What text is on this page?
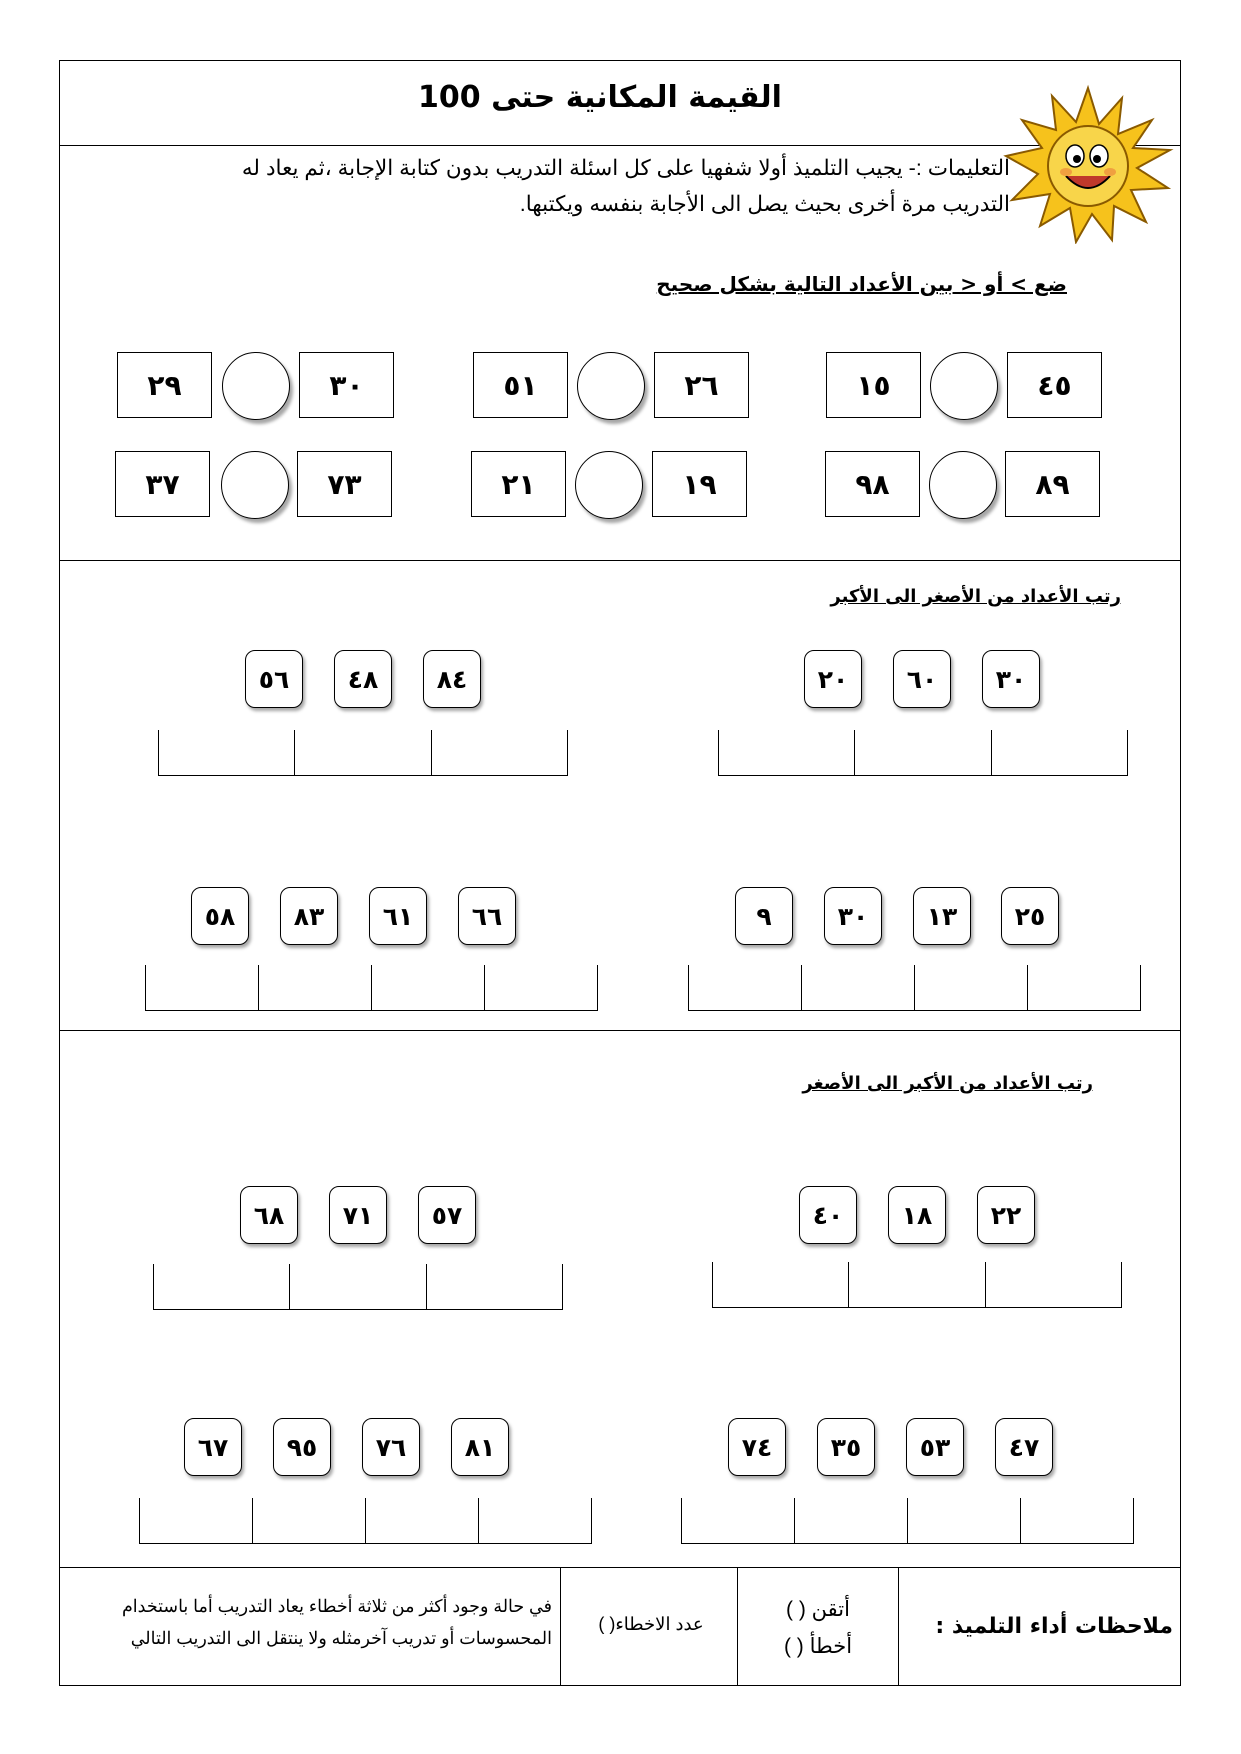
القيمة المكانية حتى 100
التعليمات :- يجيب التلميذ أولا شفهيا على كل اسئلة التدريب بدون كتابة الإجابة ،ثم يعاد له التدريب مرة أخرى بحيث يصل الى الأجابة بنفسه ويكتبها.
ضع > أو < بين الأعداد التالية بشكل صحيح
٢٩	٣٠	٥١	٢٦	١٥	٤٥
٣٧	٧٣	٢١	١٩	٩٨	٨٩
رتب الأعداد من الأصغر الى الأكبر
٥٦	٤٨	٨٤	٢٠	٦٠	٣٠
٥٨	٨٣	٦١	٦٦	٩	٣٠	١٣	٢٥
رتب الأعداد من الأكبر الى الأصغر
٦٨	٧١	٥٧	٤٠	١٨	٢٢
٦٧	٩٥	٧٦	٨١	٧٤	٣٥	٥٣	٤٧
ملاحظات أداء التلميذ :
أتقن ( )
أخطأ ( )
عدد الاخطاء( )
في حالة وجود أكثر من ثلاثة أخطاء يعاد التدريب أما باستخدام
المحسوسات أو تدريب آخرمثله ولا ينتقل الى التدريب التالي
